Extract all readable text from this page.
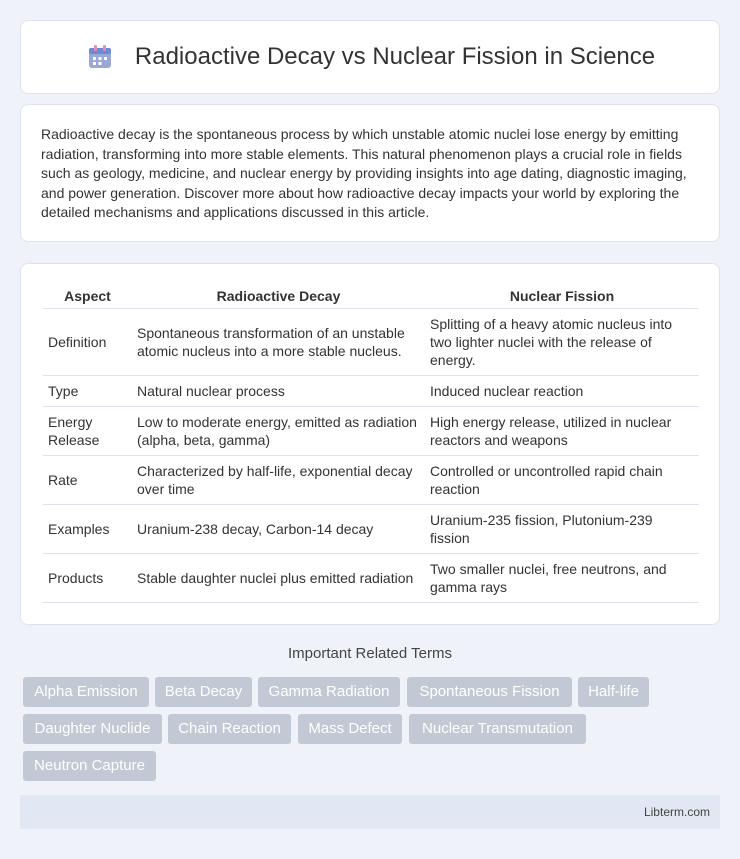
Radioactive Decay vs Nuclear Fission in Science

Radioactive decay is the spontaneous process by which unstable atomic nuclei lose energy by emitting radiation, transforming into more stable elements. This natural phenomenon plays a crucial role in fields such as geology, medicine, and nuclear energy by providing insights into age dating, diagnostic imaging, and power generation. Discover more about how radioactive decay impacts your world by exploring the detailed mechanisms and applications discussed in this article.

Aspect	Radioactive Decay	Nuclear Fission
Definition	Spontaneous transformation of an unstable atomic nucleus into a more stable nucleus.	Splitting of a heavy atomic nucleus into two lighter nuclei with the release of energy.
Type	Natural nuclear process	Induced nuclear reaction
Energy Release	Low to moderate energy, emitted as radiation (alpha, beta, gamma)	High energy release, utilized in nuclear reactors and weapons
Rate	Characterized by half-life, exponential decay over time	Controlled or uncontrolled rapid chain reaction
Examples	Uranium-238 decay, Carbon-14 decay	Uranium-235 fission, Plutonium-239 fission
Products	Stable daughter nuclei plus emitted radiation	Two smaller nuclei, free neutrons, and gamma rays
Important Related Terms
Alpha Emission	Beta Decay	Gamma Radiation	Spontaneous Fission	Half-life
Daughter Nuclide	Chain Reaction	Mass Defect	Nuclear Transmutation
Neutron Capture
Libterm.com
